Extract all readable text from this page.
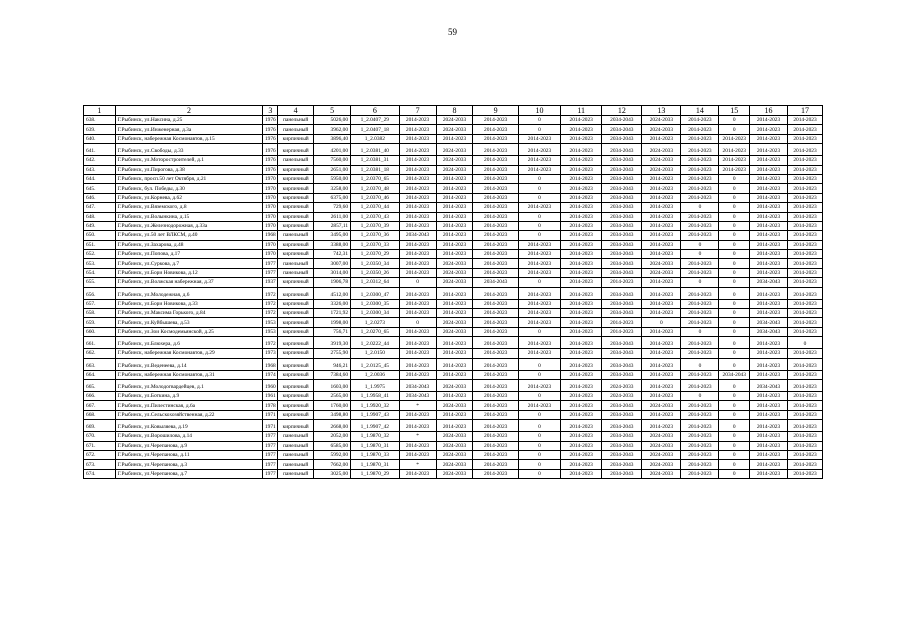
59
1	2	3	4	5	6	7	8	9	10	11	12	13	14	15	16	17
638.	Г.Рыбинск, ул.Наксина, д.25	1976	панельный	5026,00	1_2.0407_29	2014-2023	2024-2033	2014-2023	0	2014-2023	2034-2043	2024-2033	2014-2023	0	2014-2023	2014-2023
639.	Г.Рыбинск, ул.Инженерная, д.3а	1976	панельный	3962,00	1_2.0407_18	2014-2023	2024-2033	2014-2023	0	2014-2023	2034-2043	2024-2033	2014-2023	0	2014-2023	2014-2023
640.	Г.Рыбинск, набережная Космонавтов, д.15	1976	кирпичный	3896,40	1_2.0382	2014-2023	2014-2023	2014-2023	2014-2023	2014-2023	2034-2043	2014-2023	2014-2023	2014-2023	2014-2023	2014-2023
641.	Г.Рыбинск, ул.Свободы, д.33	1976	кирпичный	4201,00	1_2.0381_40	2014-2023	2024-2033	2014-2023	2014-2023	2014-2023	2034-2043	2024-2033	2014-2023	2014-2023	2014-2023	2014-2023
642.	Г.Рыбинск, ул.Моторостроителей, д.1	1976	панельный	7560,00	1_2.0381_31	2014-2023	2024-2033	2014-2023	2014-2023	2014-2023	2034-2043	2024-2033	2014-2023	2014-2023	2014-2023	2014-2023
643.	Г.Рыбинск, ул.Пирогова, д.38	1976	кирпичный	2651,00	1_2.0381_18	2014-2023	2024-2033	2014-2023	2014-2023	2014-2023	2034-2043	2024-2033	2014-2023	2014-2023	2014-2023	2014-2023
644.	Г.Рыбинск, просп.50 лет Октября, д.21	1970	кирпичный	5950,00	1_2.0370_65	2014-2023	2014-2023	2014-2023	0	2014-2023	2034-2043	2014-2023	2014-2023	0	2014-2023	2014-2023
645.	Г.Рыбинск, бул. Победы, д.30	1970	кирпичный	3258,00	1_2.0370_48	2014-2023	2014-2023	2014-2023	0	2014-2023	2034-2043	2014-2023	2014-2023	0	2014-2023	2014-2023
646.	Г.Рыбинск, ул.Корнева, д.62	1970	кирпичный	6375,00	1_2.0370_46	2014-2023	2014-2023	2014-2023	0	2014-2023	2034-2043	2014-2023	2014-2023	0	2014-2023	2014-2023
647.	Г.Рыбинск, ул.Вяземского, д.8	1970	кирпичный	729,60	1_2.0370_44	2014-2023	2014-2023	2014-2023	2014-2023	2014-2023	2034-2043	2014-2023	0	0	2014-2023	2014-2023
648.	Г.Рыбинск, ул.Волынкина, д.15	1970	кирпичный	2611,00	1_2.0370_43	2014-2023	2014-2023	2014-2023	0	2014-2023	2034-2043	2014-2023	2014-2023	0	2014-2023	2014-2023
649.	Г.Рыбинск, ул.Железнодорожная, д.33а	1970	кирпичный	2857,11	1_2.0370_39	2014-2023	2014-2023	2014-2023	0	2014-2023	2034-2043	2014-2023	2014-2023	0	2014-2023	2014-2023
650.	Г.Рыбинск, ул.50 лет ВЛКСМ, д.40	1968	панельный	3495,00	1_2.0370_36	2034-2043	2014-2023	2014-2023	0	2014-2023	2034-2043	2014-2023	2014-2023	0	2014-2023	2014-2023
651.	Г.Рыбинск, ул.Захарова, д.48	1970	кирпичный	3388,00	1_2.0370_33	2014-2023	2014-2023	2014-2023	2014-2023	2014-2023	2034-2043	2014-2023	0	0	2014-2023	2014-2023
652.	Г.Рыбинск, ул.Попова, д.17	1970	кирпичный	742,31	1_2.0370_29	2014-2023	2014-2023	2014-2023	2014-2023	2014-2023	2034-2043	2014-2023	0	0	2014-2023	2014-2023
653.	Г.Рыбинск, ул.Суркова, д.7	1977	панельный	3007,00	1_2.0350_34	2014-2023	2024-2033	2014-2023	2014-2023	2014-2023	2034-2043	2024-2033	2014-2023	0	2014-2023	2014-2023
654.	Г.Рыбинск, ул.Бори Новикова, д.12	1977	панельный	3014,00	1_2.0350_26	2014-2023	2024-2033	2014-2023	2014-2023	2014-2023	2034-2043	2024-2033	2014-2023	0	2014-2023	2014-2023
655.	Г.Рыбинск, ул.Волжская набережная, д.37	1937	кирпичный	1906,78	1_2.0312_64	0	2024-2033	2034-2043	0	2014-2023	2014-2023	2014-2023	0	0	2034-2043	2014-2023
656.	Г.Рыбинск, ул.Молодежная, д.6	1972	кирпичный	4512,00	1_2.0300_47	2014-2023	2014-2023	2014-2023	2014-2023	2014-2023	2034-2043	2014-2023	2014-2023	0	2014-2023	2014-2023
657.	Г.Рыбинск, ул.Бори Новикова, д.33	1972	кирпичный	3326,00	1_2.0300_35	2014-2023	2014-2023	2014-2023	2014-2023	2014-2023	2034-2043	2014-2023	2014-2023	0	2014-2023	2014-2023
658.	Г.Рыбинск, ул.Максима Горького, д.84	1972	кирпичный	1721,92	1_2.0300_34	2014-2023	2014-2023	2014-2023	2014-2023	2014-2023	2034-2043	2014-2023	2014-2023	0	2014-2023	2014-2023
659.	Г.Рыбинск, ул.Куйбышева, д.53	1953	кирпичный	1998,00	1_2.0273	0	2024-2033	2014-2023	2014-2023	2014-2023	2014-2023	0	2014-2023	0	2034-2043	2014-2023
660.	Г.Рыбинск, ул.Зои Космодемьянской, д.25	1953	кирпичный	756,71	1_2.0270_65	2014-2023	2024-2033	2014-2023	0	2014-2023	2014-2023	2014-2023	0	0	2034-2043	2014-2023
661.	Г.Рыбинск, ул.Блюхера, д.6	1972	кирпичный	3919,30	1_2.0222_44	2014-2023	2014-2023	2014-2023	2014-2023	2014-2023	2034-2043	2014-2023	2014-2023	0	2014-2023	0
662.	Г.Рыбинск, набережная Космонавтов, д.29	1973	кирпичный	2755,90	1_2.0150	2014-2023	2014-2023	2014-2023	2014-2023	2014-2023	2034-2043	2014-2023	2014-2023	0	2014-2023	2014-2023
663.	Г.Рыбинск, ул.Веденеева, д.14	1968	кирпичный	946,21	1_2.0125_45	2014-2023	2014-2023	2014-2023	0	2014-2023	2034-2043	2014-2023	0	0	2014-2023	2014-2023
664.	Г.Рыбинск, набережная Космонавтов, д.31	1974	кирпичный	7384,60	1_2.0036	2014-2023	2014-2023	2014-2023	0	2014-2023	2034-2043	2014-2023	2014-2023	2034-2043	2014-2023	2014-2023
665.	Г.Рыбинск, ул.Молодогвардейцев, д.1	1960	кирпичный	1603,00	1_1.9975	2034-2043	2024-2033	2014-2023	2014-2023	2014-2023	2024-2033	2014-2023	2014-2023	0	2034-2043	2014-2023
666.	Г.Рыбинск, ул.Боткина, д.9	1961	кирпичный	2565,00	1_1.9958_41	2034-2043	2014-2023	2014-2023	0	2014-2023	2024-2033	2014-2023	0	0	2014-2023	2014-2023
667.	Г.Рыбинск, ул.Пилестинская, д.6а	1978	кирпичный	1760,00	1_1.9920_32	*	2024-2033	2014-2023	2014-2023	2014-2023	2034-2043	2024-2033	2014-2023	0	2014-2023	2014-2023
668.	Г.Рыбинск, ул.Сельскохозяйственная, д.22	1971	кирпичный	3498,80	1_1.9907_43	2014-2023	2014-2023	2014-2023	0	2014-2023	2034-2043	2014-2023	2014-2023	0	2014-2023	2014-2023
669.	Г.Рыбинск, ул.Ковыляева, д.19	1971	кирпичный	2668,00	1_1.9907_42	2014-2023	2014-2023	2014-2023	0	2014-2023	2034-2043	2014-2023	2014-2023	0	2014-2023	2014-2023
670.	Г.Рыбинск, ул.Ворошилова, д.14	1977	панельный	2052,00	1_1.9870_32	*	2024-2033	2014-2023	0	2014-2023	2034-2043	2024-2033	2014-2023	0	2014-2023	2014-2023
671.	Г.Рыбинск, ул.Черепанова, д.9	1977	панельный	6585,00	1_1.9870_31	2014-2023	2024-2033	2014-2023	0	2014-2023	2034-2043	2024-2033	2014-2023	0	2014-2023	2014-2023
672.	Г.Рыбинск, ул.Черепанова, д.11	1977	панельный	5992,00	1_1.9870_33	2014-2023	2024-2033	2014-2023	0	2014-2023	2034-2043	2024-2033	2014-2023	0	2014-2023	2014-2023
673.	Г.Рыбинск, ул.Черепанова, д.3	1977	панельный	7662,00	1_1.9870_31	*	2024-2033	2014-2023	0	2014-2023	2034-2043	2024-2033	2014-2023	0	2014-2023	2014-2023
674.	Г.Рыбинск, ул.Черепанова, д.7	1977	панельный	3025,00	1_1.9870_29	2014-2023	2024-2033	2014-2023	0	2014-2023	2034-2043	2024-2033	2014-2023	0	2014-2023	2014-2023
